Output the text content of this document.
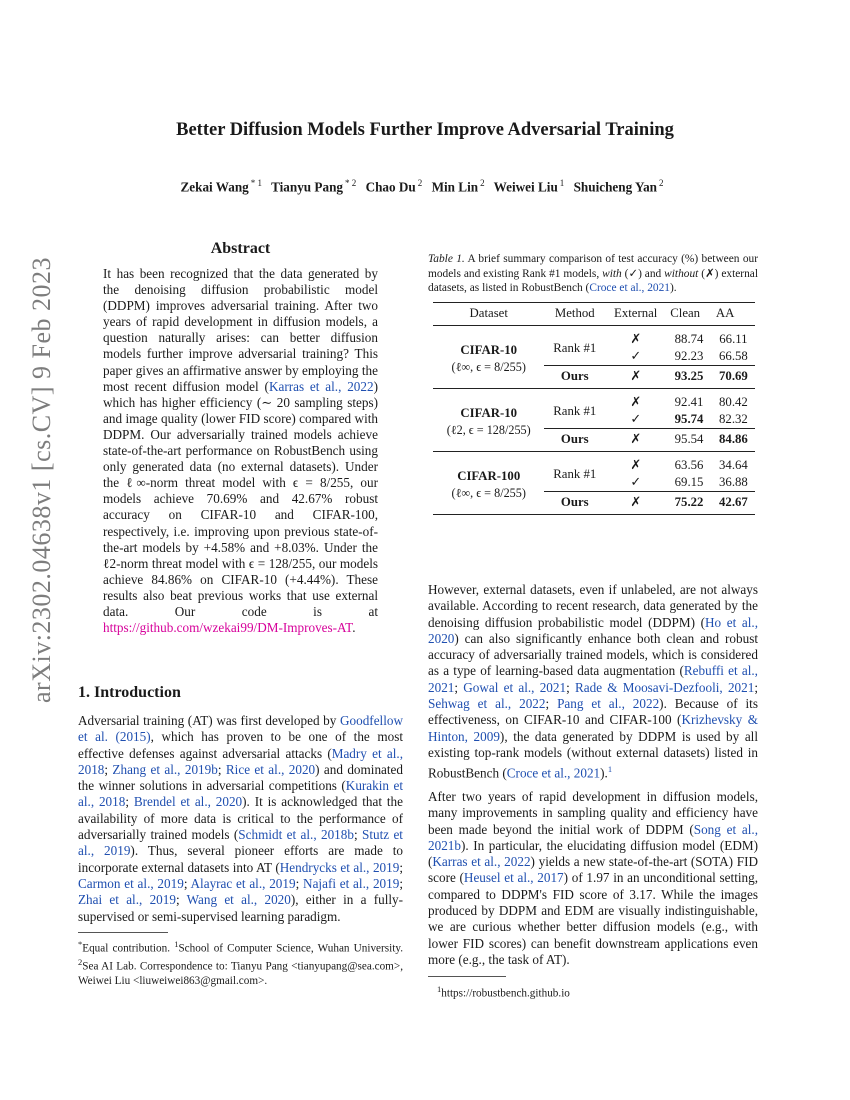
arXiv:2302.04638v1 [cs.CV] 9 Feb 2023
Better Diffusion Models Further Improve Adversarial Training
Zekai Wang $^{* 1}$ Tianyu Pang $^{* 2}$ Chao Du $^2$ Min Lin $^2$ Weiwei Liu $^1$ Shuicheng Yan $^2$
Abstract
It has been recognized that the data generated by the denoising diffusion probabilistic model (DDPM) improves adversarial training. After two years of rapid development in diffusion models, a question naturally arises: can better diffusion models further improve adversarial training? This paper gives an affirmative answer by employing the most recent diffusion model (Karras et al., 2022) which has higher efficiency (∼ 20 sampling steps) and image quality (lower FID score) compared with DDPM. Our adversarially trained models achieve state-of-the-art performance on RobustBench using only generated data (no external datasets). Under the ℓ∞-norm threat model with ϵ = 8/255, our models achieve 70.69% and 42.67% robust accuracy on CIFAR-10 and CIFAR-100, respectively, i.e. improving upon previous state-of-the-art models by +4.58% and +8.03%. Under the ℓ2-norm threat model with ϵ = 128/255, our models achieve 84.86% on CIFAR-10 (+4.44%). These results also beat previous works that use external data. Our code is at https://github.com/wzekai99/DM-Improves-AT.
1. Introduction
Adversarial training (AT) was first developed by Goodfellow et al. (2015), which has proven to be one of the most effective defenses against adversarial attacks (Madry et al., 2018; Zhang et al., 2019b; Rice et al., 2020) and dominated the winner solutions in adversarial competitions (Kurakin et al., 2018; Brendel et al., 2020). It is acknowledged that the availability of more data is critical to the performance of adversarially trained models (Schmidt et al., 2018b; Stutz et al., 2019). Thus, several pioneer efforts are made to incorporate external datasets into AT (Hendrycks et al., 2019; Carmon et al., 2019; Alayrac et al., 2019; Najafi et al., 2019; Zhai et al., 2019; Wang et al., 2020), either in a fully-supervised or semi-supervised learning paradigm.
*Equal contribution. $^1$School of Computer Science, Wuhan University. $^2$Sea AI Lab. Correspondence to: Tianyu Pang <tianyupang@sea.com>, Weiwei Liu <liuweiwei863@gmail.com>.
Table 1. A brief summary comparison of test accuracy (%) between our models and existing Rank #1 models, with (✓) and without (✗) external datasets, as listed in RobustBench (Croce et al., 2021).
Dataset	Method	External	Clean	AA

CIFAR-10
(ℓ∞, ϵ = 8/255)	Rank #1	✗	88.74	66.11
		✓	92.23	66.58
	Ours	✗	93.25	70.69

CIFAR-10
(ℓ2, ϵ = 128/255)	Rank #1	✗	92.41	80.42
		✓	95.74	82.32
	Ours	✗	95.54	84.86

CIFAR-100
(ℓ∞, ϵ = 8/255)	Rank #1	✗	63.56	34.64
		✓	69.15	36.88
	Ours	✗	75.22	42.67
However, external datasets, even if unlabeled, are not always available. According to recent research, data generated by the denoising diffusion probabilistic model (DDPM) (Ho et al., 2020) can also significantly enhance both clean and robust accuracy of adversarially trained models, which is considered as a type of learning-based data augmentation (Rebuffi et al., 2021; Gowal et al., 2021; Rade & Moosavi-Dezfooli, 2021; Sehwag et al., 2022; Pang et al., 2022). Because of its effectiveness, on CIFAR-10 and CIFAR-100 (Krizhevsky & Hinton, 2009), the data generated by DDPM is used by all existing top-rank models (without external datasets) listed in RobustBench (Croce et al., 2021).$^1$
After two years of rapid development in diffusion models, many improvements in sampling quality and efficiency have been made beyond the initial work of DDPM (Song et al., 2021b). In particular, the elucidating diffusion model (EDM) (Karras et al., 2022) yields a new state-of-the-art (SOTA) FID score (Heusel et al., 2017) of 1.97 in an unconditional setting, compared to DDPM's FID score of 3.17. While the images produced by DDPM and EDM are visually indistinguishable, we are curious whether better diffusion models (e.g., with lower FID scores) can benefit downstream applications even more (e.g., the task of AT).
$^1$https://robustbench.github.io
